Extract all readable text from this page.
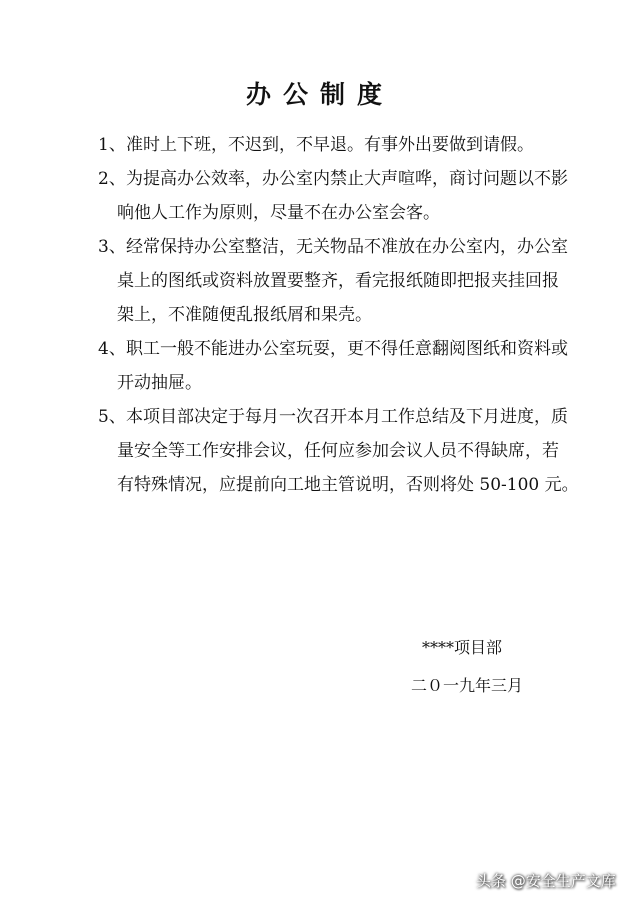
办公制度
1、 准时上下班，不迟到，不早退。有事外出要做到请假。
2、 为提高办公效率，办公室内禁止大声喧哗，商讨问题以不影
响他人工作为原则，尽量不在办公室会客。
3、 经常保持办公室整洁，无关物品不准放在办公室内，办公室
桌上的图纸或资料放置要整齐，看完报纸随即把报夹挂回报
架上，不准随便乱报纸屑和果壳。
4、 职工一般不能进办公室玩耍，更不得任意翻阅图纸和资料或
开动抽屉。
5、 本项目部决定于每月一次召开本月工作总结及下月进度，质
量安全等工作安排会议，任何应参加会议人员不得缺席，若
有特殊情况，应提前向工地主管说明，否则将处 50-100 元。
****项目部
二０一九年三月
头条 @安全生产文库
